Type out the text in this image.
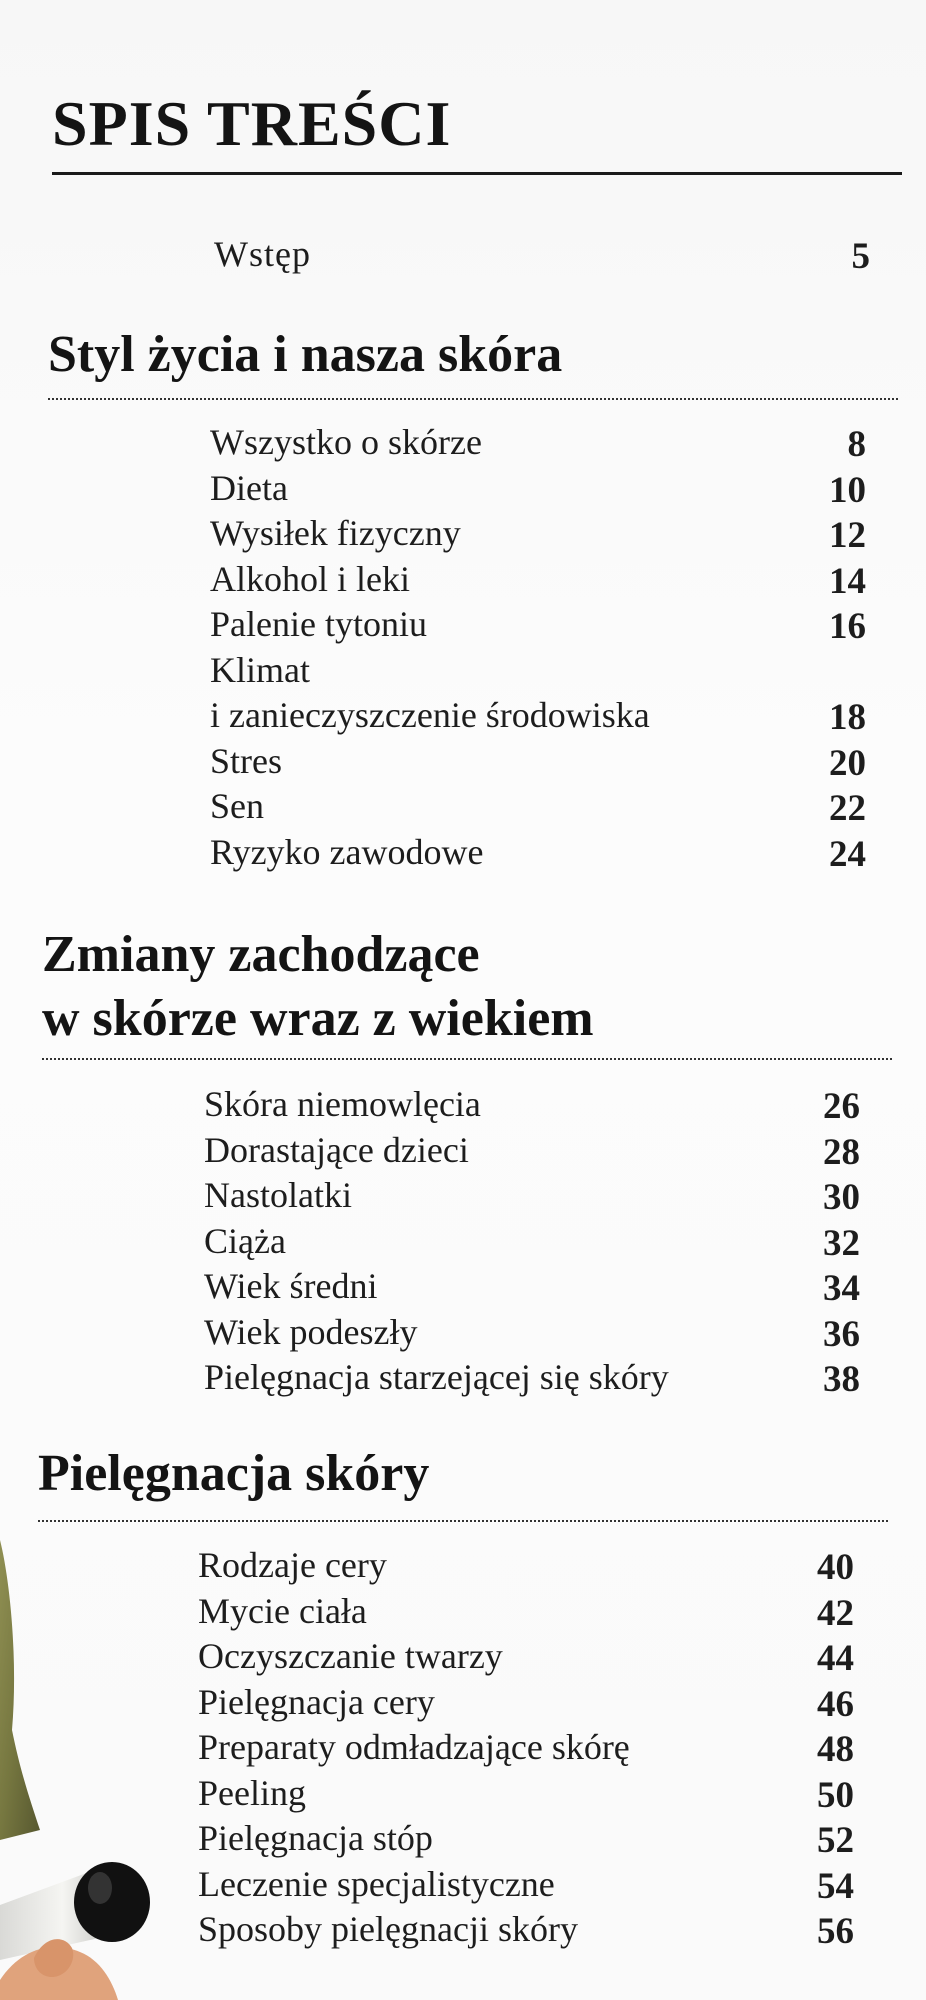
SPIS TREŚCI
Wstęp	5
Styl życia i nasza skóra
Wszystko o skórze	8
Dieta	10
Wysiłek fizyczny	12
Alkohol i leki	14
Palenie tytoniu	16
Klimat
i zanieczyszczenie środowiska	18
Stres	20
Sen	22
Ryzyko zawodowe	24
Zmiany zachodzące
w skórze wraz z wiekiem
Skóra niemowlęcia	26
Dorastające dzieci	28
Nastolatki	30
Ciąża	32
Wiek średni	34
Wiek podeszły	36
Pielęgnacja starzejącej się skóry	38
Pielęgnacja skóry
Rodzaje cery	40
Mycie ciała	42
Oczyszczanie twarzy	44
Pielęgnacja cery	46
Preparaty odmładzające skórę	48
Peeling	50
Pielęgnacja stóp	52
Leczenie specjalistyczne	54
Sposoby pielęgnacji skóry	56
